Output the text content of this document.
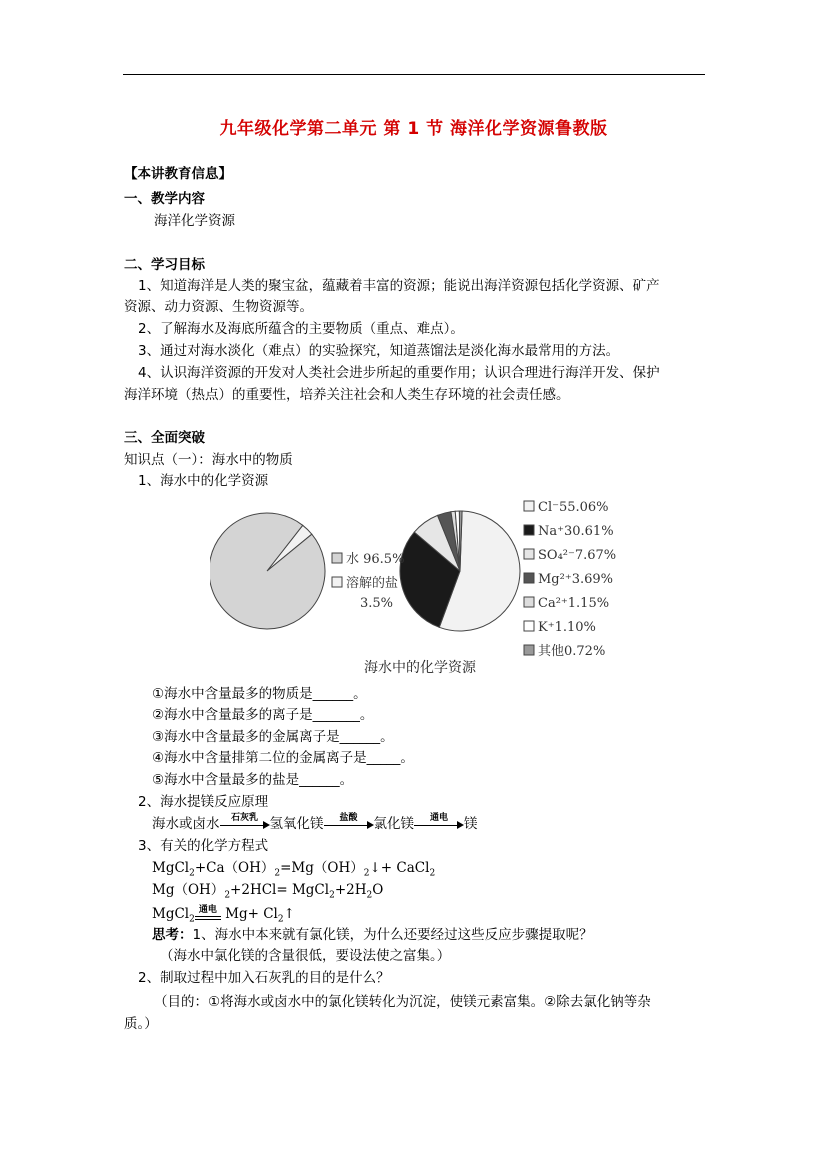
九年级化学第二单元 第 1 节 海洋化学资源鲁教版
【本讲教育信息】
一、教学内容
海洋化学资源
二、学习目标
1、知道海洋是人类的聚宝盆，蕴藏着丰富的资源；能说出海洋资源包括化学资源、矿产
资源、动力资源、生物资源等。
2、了解海水及海底所蕴含的主要物质（重点、难点）。
3、通过对海水淡化（难点）的实验探究，知道蒸馏法是淡化海水最常用的方法。
4、认识海洋资源的开发对人类社会进步所起的重要作用；认识合理进行海洋开发、保护
海洋环境（热点）的重要性，培养关注社会和人类生存环境的社会责任感。
三、全面突破
知识点（一）：海水中的物质
1、海水中的化学资源
水 96.5%
溶解的盐
3.5%
Cl⁻55.06%
Na⁺30.61%
SO₄²⁻7.67%
Mg²⁺3.69%
Ca²⁺1.15%
K⁺1.10%
其他0.72%
海水中的化学资源
①海水中含量最多的物质是______。
②海水中含量最多的离子是_______。
③海水中含量最多的金属离子是______。
④海水中含量排第二位的金属离子是_____。
⑤海水中含量最多的盐是______。
2、海水提镁反应原理
海水或卤水	石灰乳 氢氧化镁	盐酸	氯化镁	通电	镁
3、有关的化学方程式
$MgCl_2+Ca(OH)_2=Mg(OH)_2↓+$ CaCl$_2$
$Mg(OH)_2+2HCl=$ $MgCl_2+2H_2O$
MgCl$_2$
通电 $Mg+ Cl_2↑$
思考：1、海水中本来就有氯化镁，为什么还要经过这些反应步骤提取呢？
（海水中氯化镁的含量很低，要设法使之富集。）
2、制取过程中加入石灰乳的目的是什么？
（目的：①将海水或卤水中的氯化镁转化为沉淀，使镁元素富集。②除去氯化钠等杂
质。）
